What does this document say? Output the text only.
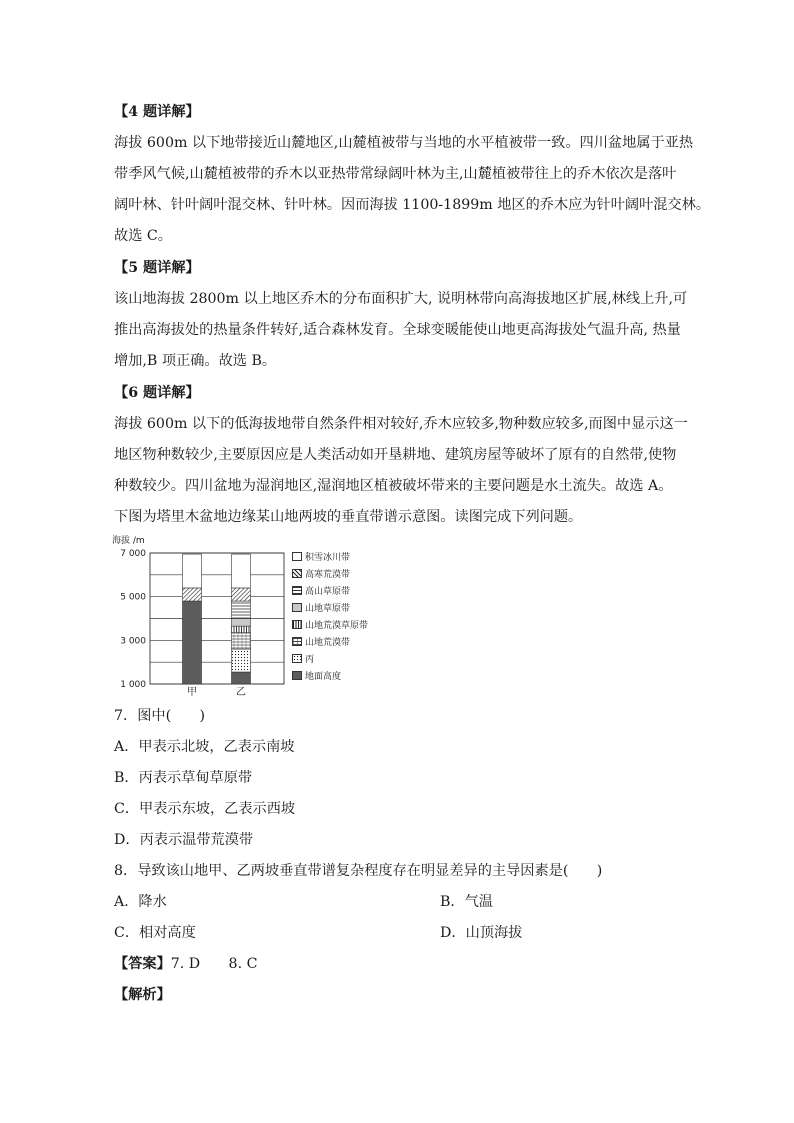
【4 题详解】
海拔 600m 以下地带接近山麓地区,山麓植被带与当地的水平植被带一致。四川盆地属于亚热
带季风气候,山麓植被带的乔木以亚热带常绿阔叶林为主,山麓植被带往上的乔木依次是落叶
阔叶林、针叶阔叶混交林、针叶林。因而海拔 1100-1899m 地区的乔木应为针叶阔叶混交林。
故选 C。
【5 题详解】
该山地海拔 2800m 以上地区乔木的分布面积扩大, 说明林带向高海拔地区扩展,林线上升,可
推出高海拔处的热量条件转好,适合森林发育。全球变暖能使山地更高海拔处气温升高, 热量
增加,B 项正确。故选 B。
【6 题详解】
海拔 600m 以下的低海拔地带自然条件相对较好,乔木应较多,物种数应较多,而图中显示这一
地区物种数较少,主要原因应是人类活动如开垦耕地、建筑房屋等破坏了原有的自然带,使物
种数较少。四川盆地为湿润地区,湿润地区植被破坏带来的主要问题是水土流失。故选 A。
下图为塔里木盆地边缘某山地两坡的垂直带谱示意图。读图完成下列问题。
海拔 /m
7 000
5 000
3 000
1 000
甲	乙
积雪冰川带
高寒荒漠带
高山草原带
山地草原带
山地荒漠草原带
山地荒漠带
丙
地面高度
7．图中(　　)
A．甲表示北坡，乙表示南坡
B．丙表示草甸草原带
C．甲表示东坡，乙表示西坡
D．丙表示温带荒漠带
8．导致该山地甲、乙两坡垂直带谱复杂程度存在明显差异的主导因素是(　　)
A．降水	B．气温
C．相对高度	D．山顶海拔
【答案】7. D　　8. C
【解析】
